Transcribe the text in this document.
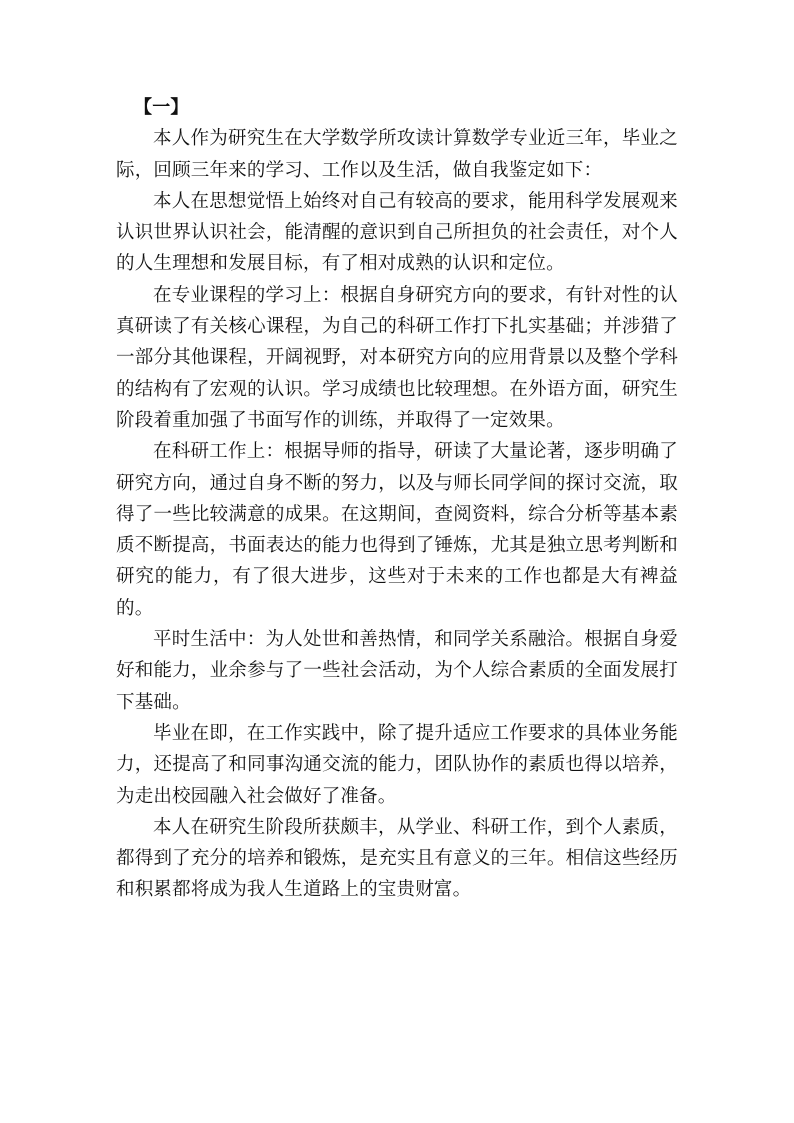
【一】

本人作为研究生在大学数学所攻读计算数学专业近三年，毕业之际，回顾三年来的学习、工作以及生活，做自我鉴定如下：

本人在思想觉悟上始终对自己有较高的要求，能用科学发展观来认识世界认识社会，能清醒的意识到自己所担负的社会责任，对个人的人生理想和发展目标，有了相对成熟的认识和定位。

在专业课程的学习上：根据自身研究方向的要求，有针对性的认真研读了有关核心课程，为自己的科研工作打下扎实基础；并涉猎了一部分其他课程，开阔视野，对本研究方向的应用背景以及整个学科的结构有了宏观的认识。学习成绩也比较理想。在外语方面，研究生阶段着重加强了书面写作的训练，并取得了一定效果。

在科研工作上：根据导师的指导，研读了大量论著，逐步明确了研究方向，通过自身不断的努力，以及与师长同学间的探讨交流，取得了一些比较满意的成果。在这期间，查阅资料，综合分析等基本素质不断提高，书面表达的能力也得到了锤炼，尤其是独立思考判断和研究的能力，有了很大进步，这些对于未来的工作也都是大有裨益的。

平时生活中：为人处世和善热情，和同学关系融洽。根据自身爱好和能力，业余参与了一些社会活动，为个人综合素质的全面发展打下基础。

毕业在即，在工作实践中，除了提升适应工作要求的具体业务能力，还提高了和同事沟通交流的能力，团队协作的素质也得以培养，为走出校园融入社会做好了准备。

本人在研究生阶段所获颇丰，从学业、科研工作，到个人素质，都得到了充分的培养和锻炼，是充实且有意义的三年。相信这些经历和积累都将成为我人生道路上的宝贵财富。
